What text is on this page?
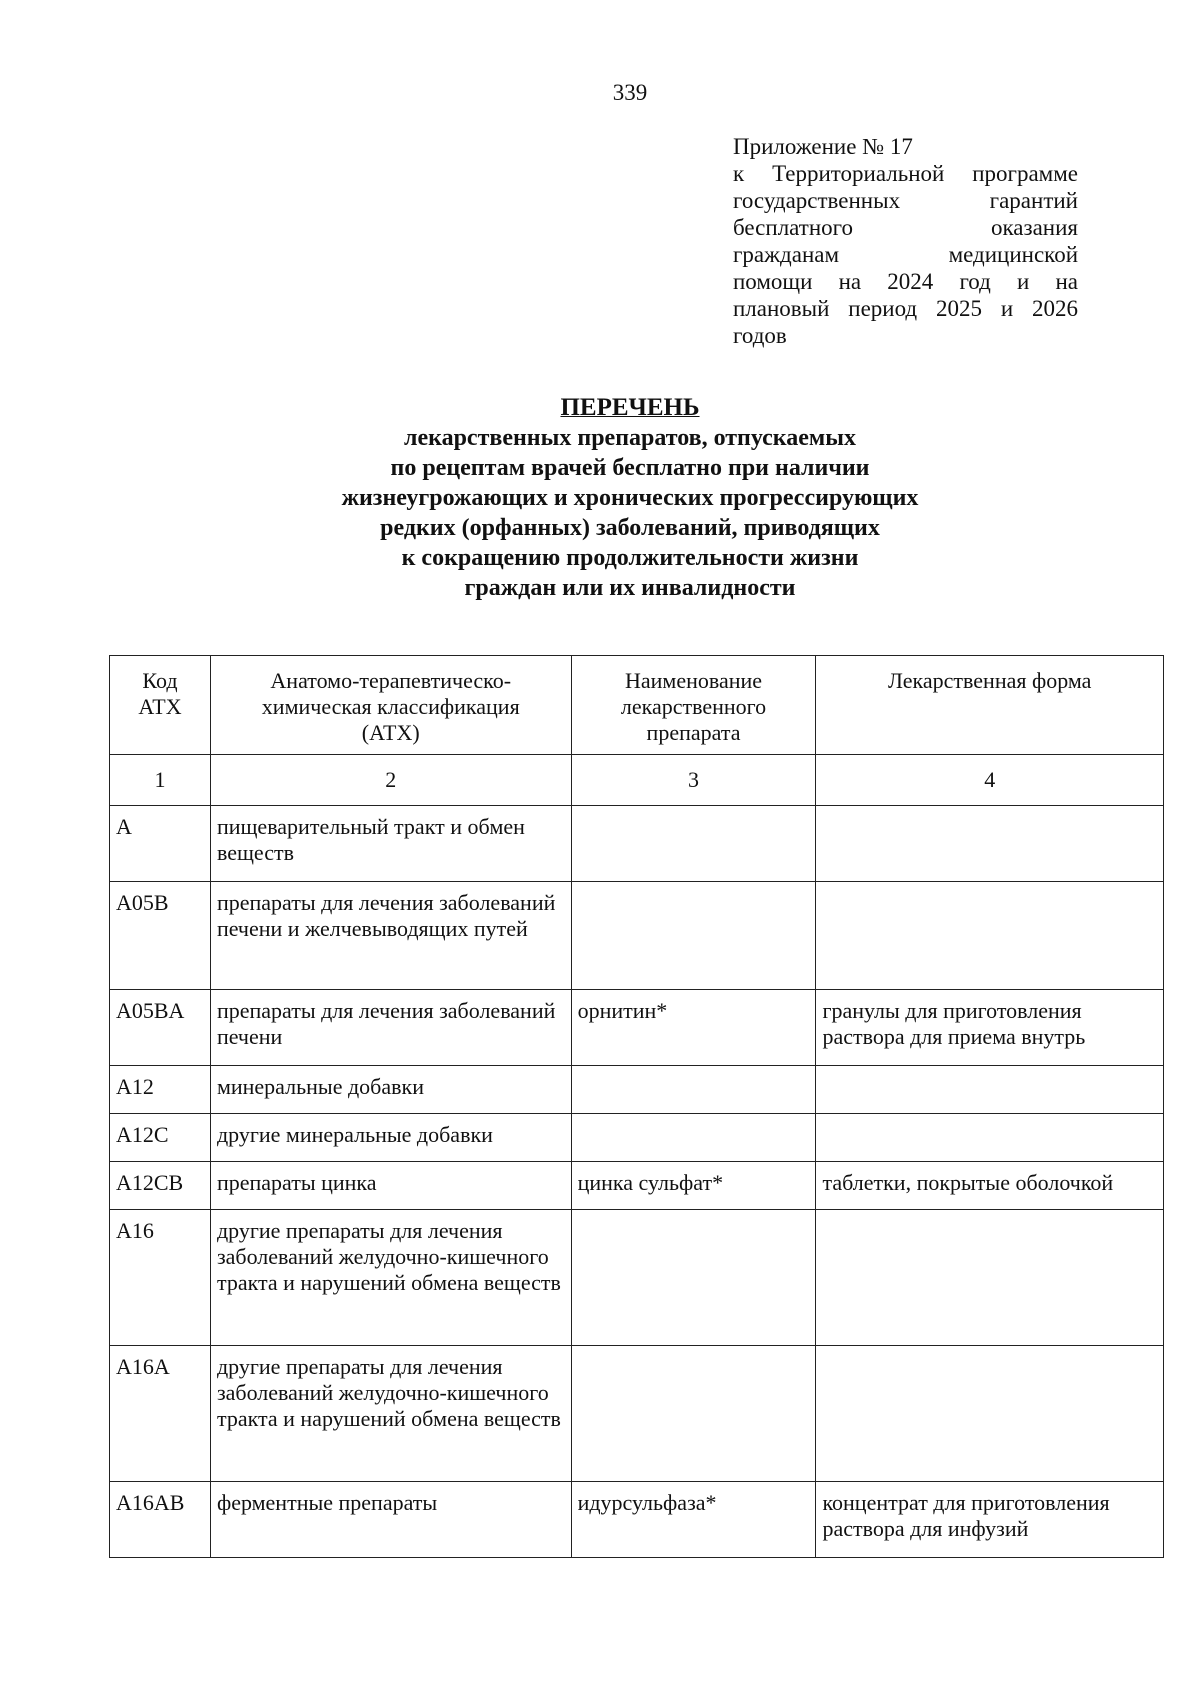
339
Приложение № 17
к Территориальной программе
государственных гарантий
бесплатного оказания
гражданам медицинской
помощи на 2024 год и на
плановый период 2025 и 2026
годов
ПЕРЕЧЕНЬ
лекарственных препаратов, отпускаемых
по рецептам врачей бесплатно при наличии
жизнеугрожающих и хронических прогрессирующих
редких (орфанных) заболеваний, приводящих
к сокращению продолжительности жизни
граждан или их инвалидности
Код АТХ	Анатомо-терапевтическо-химическая классификация (АТХ)	Наименование лекарственного препарата	Лекарственная форма
1	2	3	4
A	пищеварительный тракт и обмен веществ		
A05B	препараты для лечения заболеваний печени и желчевыводящих путей		
A05BA	препараты для лечения заболеваний печени	орнитин*	гранулы для приготовления раствора для приема внутрь
A12	минеральные добавки		
A12C	другие минеральные добавки		
A12CB	препараты цинка	цинка сульфат*	таблетки, покрытые оболочкой
A16	другие препараты для лечения заболеваний желудочно-кишечного тракта и нарушений обмена веществ		
A16A	другие препараты для лечения заболеваний желудочно-кишечного тракта и нарушений обмена веществ		
A16AB	ферментные препараты	идурсульфаза*	концентрат для приготовления раствора для инфузий
